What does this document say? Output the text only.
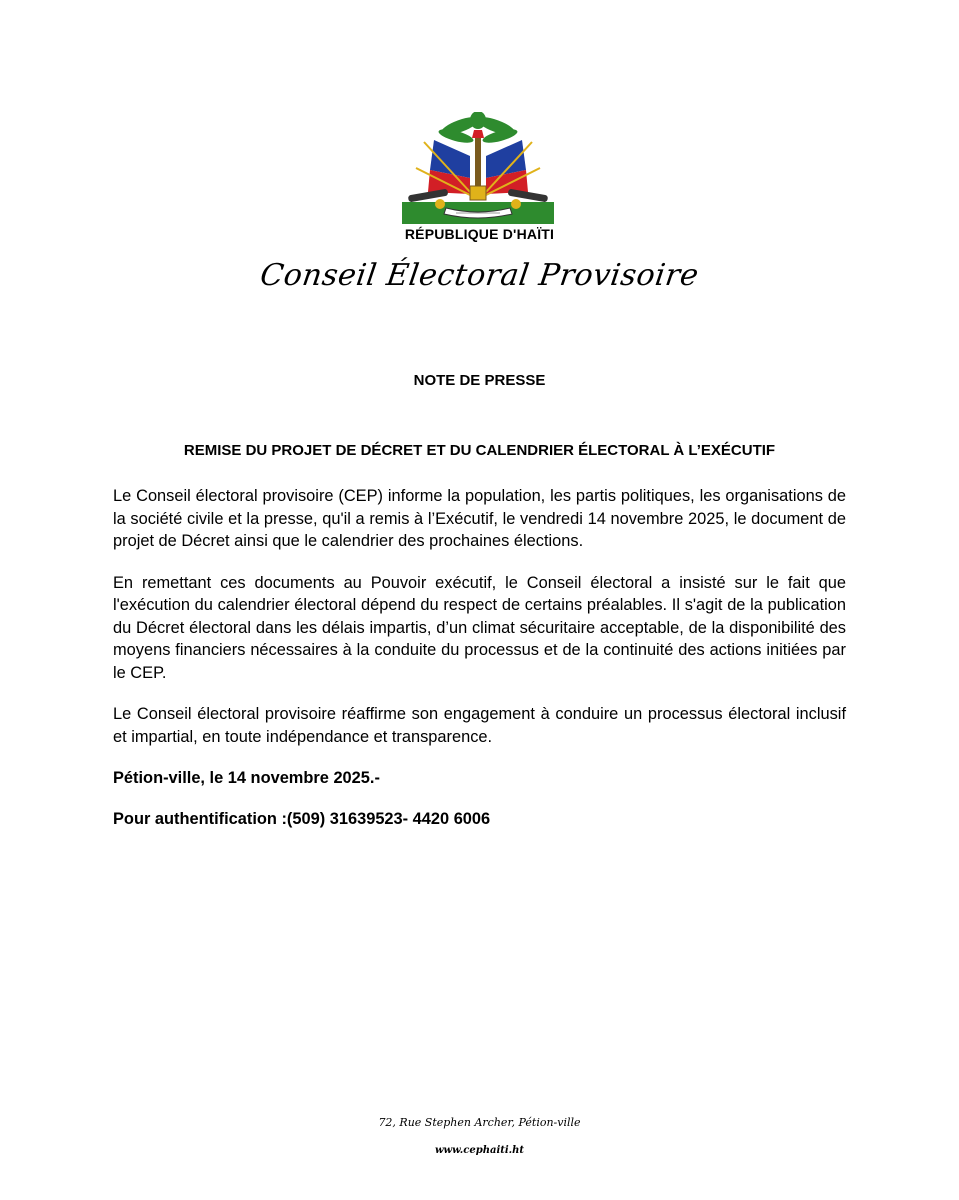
RÉPUBLIQUE D'HAÏTI
Conseil Électoral Provisoire
NOTE DE PRESSE
REMISE DU PROJET DE DÉCRET ET DU CALENDRIER ÉLECTORAL À L’EXÉCUTIF

Le Conseil électoral provisoire (CEP) informe la population, les partis politiques, les organisations de la société civile et la presse, qu'il a remis à l’Exécutif, le vendredi 14 novembre 2025, le document de projet de Décret ainsi que le calendrier des prochaines élections.

En remettant ces documents au Pouvoir exécutif, le Conseil électoral a insisté sur le fait que l'exécution du calendrier électoral dépend du respect de certains préalables. Il s'agit de la publication du Décret électoral dans les délais impartis, d’un climat sécuritaire acceptable, de la disponibilité des moyens financiers nécessaires à la conduite du processus et de la continuité des actions initiées par le CEP.

Le Conseil électoral provisoire réaffirme son engagement à conduire un processus électoral inclusif et impartial, en toute indépendance et transparence.

Pétion-ville, le 14 novembre 2025.-
Pour authentification :(509) 31639523- 4420 6006
72, Rue Stephen Archer, Pétion-ville
www.cephaiti.ht
